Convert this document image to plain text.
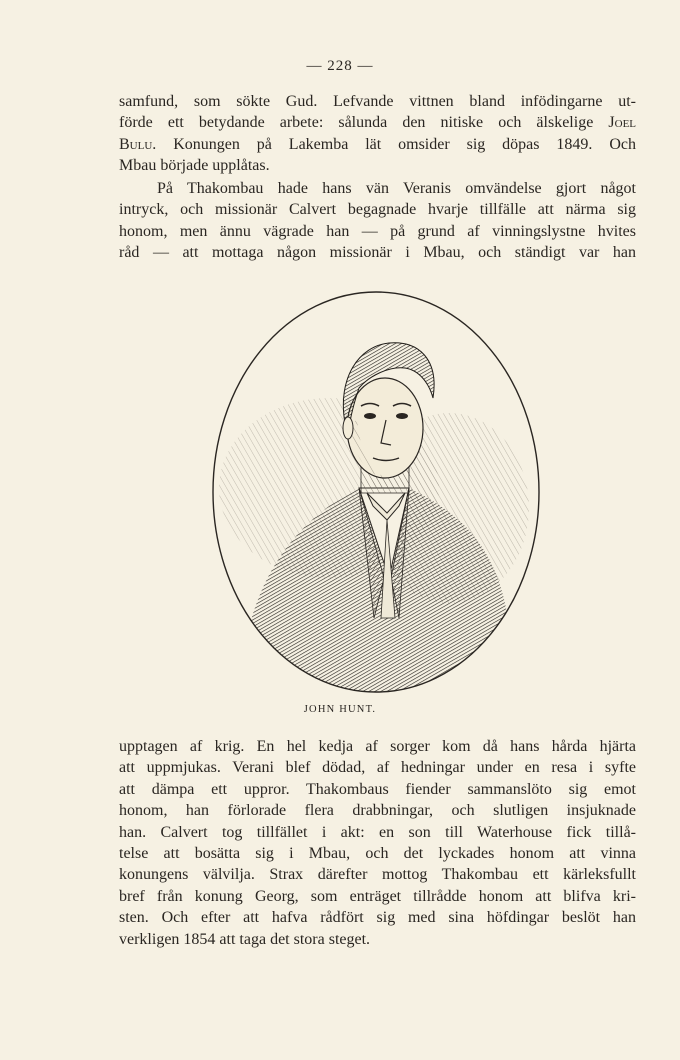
— 228 —

samfund, som sökte Gud. Lefvande vittnen bland infödingarne ut-
förde ett betydande arbete: sålunda den nitiske och älskelige Joel
Bulu. Konungen på Lakemba lät omsider sig döpas 1849. Och
Mbau började upplåtas.

På Thakombau hade hans vän Veranis omvändelse gjort något
intryck, och missionär Calvert begagnade hvarje tillfälle att närma sig
honom, men ännu vägrade han — på grund af vinningslystne hvites
råd — att mottaga någon missionär i Mbau, och ständigt var han

JOHN HUNT.

upptagen af krig. En hel kedja af sorger kom då hans hårda hjärta
att uppmjukas. Verani blef dödad, af hedningar under en resa i syfte
att dämpa ett uppror. Thakombaus fiender sammanslöto sig emot
honom, han förlorade flera drabbningar, och slutligen insjuknade
han. Calvert tog tillfället i akt: en son till Waterhouse fick tillå-
telse att bosätta sig i Mbau, och det lyckades honom att vinna
konungens välvilja. Strax därefter mottog Thakombau ett kärleksfullt
bref från konung Georg, som enträget tillrådde honom att blifva kri-
sten. Och efter att hafva rådfört sig med sina höfdingar beslöt han
verkligen 1854 att taga det stora steget.
